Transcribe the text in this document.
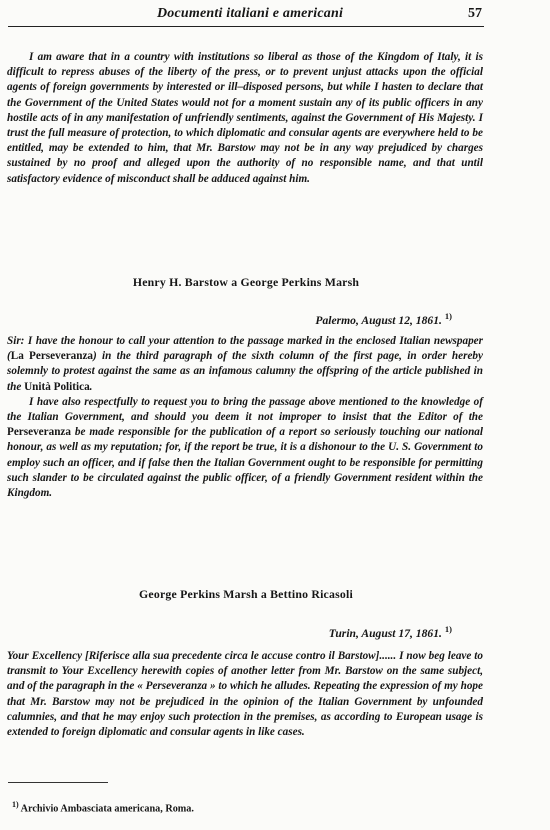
Documenti italiani e americani	57

I am aware that in a country with institutions so liberal as those of the Kingdom of Italy, it is difficult to repress abuses of the liberty of the press, or to prevent unjust attacks upon the official agents of foreign governments by interested or ill–disposed persons, but while I hasten to declare that the Government of the United States would not for a moment sustain any of its public officers in any hostile acts of in any manifestation of unfriendly sentiments, against the Government of His Majesty. I trust the full measure of protection, to which diplomatic and consular agents are everywhere held to be entitled, may be extended to him, that Mr. Barstow may not be in any way prejudiced by charges sustained by no proof and alleged upon the authority of no responsible name, and that until satisfactory evidence of misconduct shall be adduced against him.

Henry H. Barstow a George Perkins Marsh
Palermo, August 12, 1861. $^{1)}$

Sir: I have the honour to call your attention to the passage marked in the enclosed Italian newspaper (La Perseveranza) in the third paragraph of the sixth column of the first page, in order hereby solemnly to protest against the same as an infamous calumny the offspring of the article published in the Unità Politica.

I have also respectfully to request you to bring the passage above mentioned to the knowledge of the Italian Government, and should you deem it not improper to insist that the Editor of the Perseveranza be made responsible for the publication of a report so seriously touching our national honour, as well as my reputation; for, if the report be true, it is a dishonour to the U. S. Government to employ such an officer, and if false then the Italian Government ought to be responsible for permitting such slander to be circulated against the public officer, of a friendly Government resident within the Kingdom.

George Perkins Marsh a Bettino Ricasoli
Turin, August 17, 1861. $^{1)}$

Your Excellency [Riferisce alla sua precedente circa le accuse contro il Barstow]...... I now beg leave to transmit to Your Excellency herewith copies of another letter from Mr. Barstow on the same subject, and of the paragraph in the « Perseveranza » to which he alludes. Repeating the expression of my hope that Mr. Barstow may not be prejudiced in the opinion of the Italian Government by unfounded calumnies, and that he may enjoy such protection in the premises, as according to European usage is extended to foreign diplomatic and consular agents in like cases.

$^{1)}$ Archivio Ambasciata americana, Roma.
